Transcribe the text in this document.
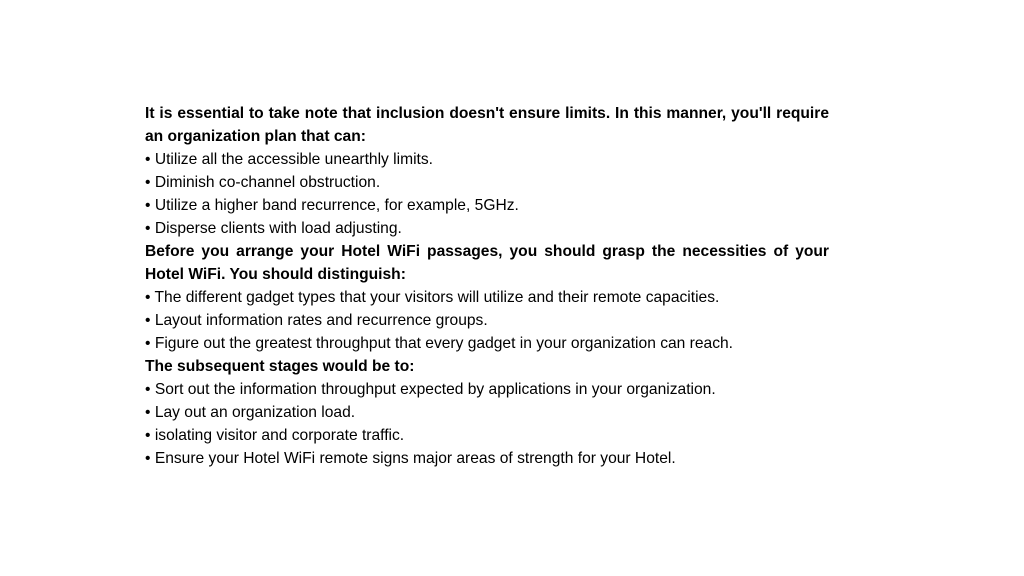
It is essential to take note that inclusion doesn't ensure limits. In this manner, you'll require an organization plan that can:

• Utilize all the accessible unearthly limits.

• Diminish co-channel obstruction.

• Utilize a higher band recurrence, for example, 5GHz.

• Disperse clients with load adjusting.

Before you arrange your Hotel WiFi passages, you should grasp the necessities of your Hotel WiFi. You should distinguish:

• The different gadget types that your visitors will utilize and their remote capacities.

• Layout information rates and recurrence groups.

• Figure out the greatest throughput that every gadget in your organization can reach.

The subsequent stages would be to:

• Sort out the information throughput expected by applications in your organization.

• Lay out an organization load.

• isolating visitor and corporate traffic.

• Ensure your Hotel WiFi remote signs major areas of strength for your Hotel.
